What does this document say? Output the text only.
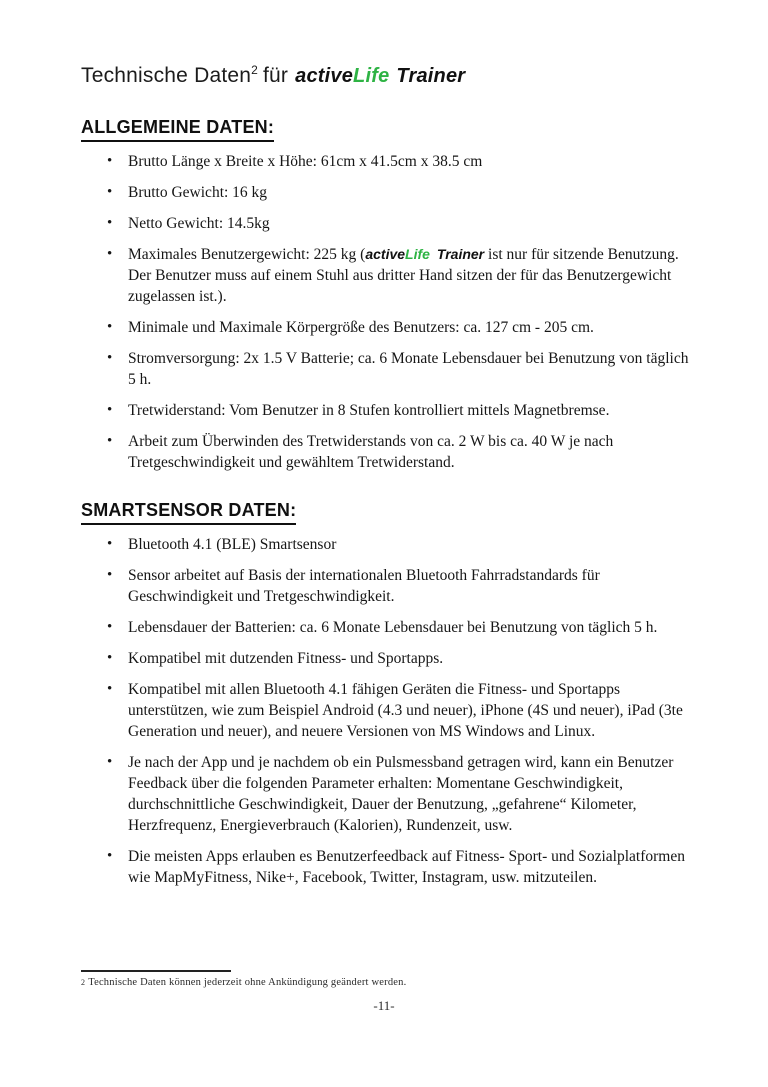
Technische Daten$^2$ für activeLife Trainer
ALLGEMEINE DATEN:
• Brutto Länge x Breite x Höhe: 61cm x 41.5cm x 38.5 cm
• Brutto Gewicht: 16 kg
• Netto Gewicht: 14.5kg
• Maximales Benutzergewicht: 225 kg (activeLife Trainer ist nur für sitzende Benutzung. Der Benutzer muss auf einem Stuhl aus dritter Hand sitzen der für das Benutzergewicht zugelassen ist.).
• Minimale und Maximale Körpergröße des Benutzers: ca. 127 cm - 205 cm.
• Stromversorgung: 2x 1.5 V Batterie; ca. 6 Monate Lebensdauer bei Benutzung von täglich 5 h.
• Tretwiderstand: Vom Benutzer in 8 Stufen kontrolliert mittels Magnetbremse.
• Arbeit zum Überwinden des Tretwiderstands von ca. 2 W bis ca. 40 W je nach Tretgeschwindigkeit und gewähltem Tretwiderstand.
SMARTSENSOR DATEN:
• Bluetooth 4.1 (BLE) Smartsensor
• Sensor arbeitet auf Basis der internationalen Bluetooth Fahrradstandards für Geschwindigkeit und Tretgeschwindigkeit.
• Lebensdauer der Batterien: ca. 6 Monate Lebensdauer bei Benutzung von täglich 5 h.
• Kompatibel mit dutzenden Fitness- und Sportapps.
• Kompatibel mit allen Bluetooth 4.1 fähigen Geräten die Fitness- und Sportapps unterstützen, wie zum Beispiel Android (4.3 und neuer), iPhone (4S und neuer), iPad (3te Generation und neuer), and neuere Versionen von MS Windows and Linux.
• Je nach der App und je nachdem ob ein Pulsmessband getragen wird, kann ein Benutzer Feedback über die folgenden Parameter erhalten: Momentane Geschwindigkeit, durchschnittliche Geschwindigkeit, Dauer der Benutzung, „gefahrene“ Kilometer, Herzfrequenz, Energieverbrauch (Kalorien), Rundenzeit, usw.
• Die meisten Apps erlauben es Benutzerfeedback auf Fitness- Sport- und Sozialplatformen wie MapMyFitness, Nike+, Facebook, Twitter, Instagram, usw. mitzuteilen.
2 Technische Daten können jederzeit ohne Ankündigung geändert werden.
-11-
